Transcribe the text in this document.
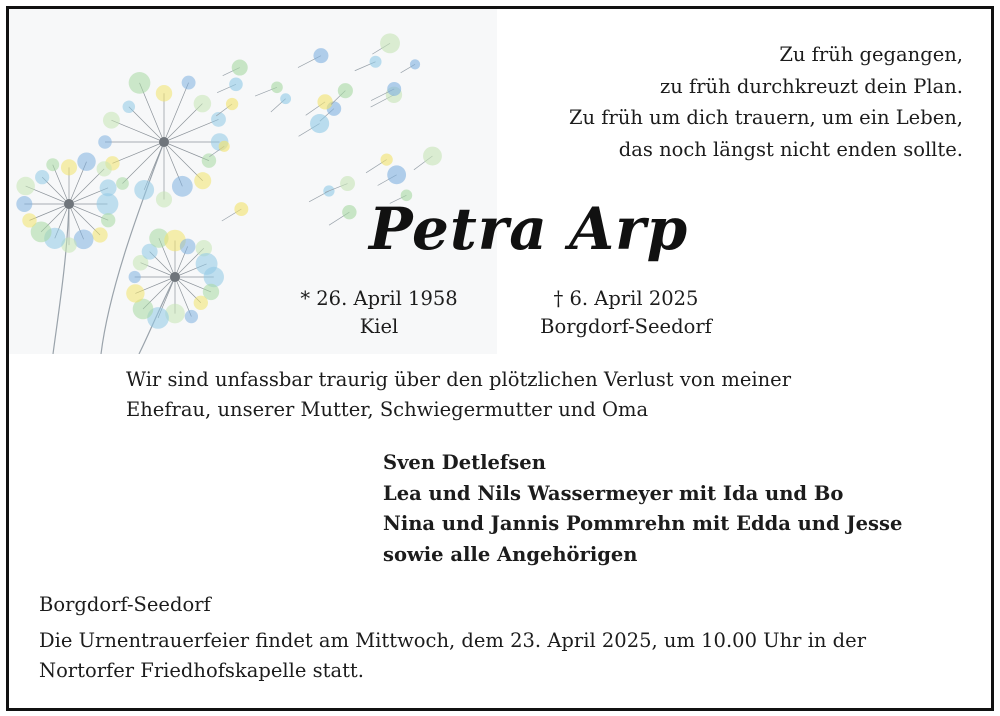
Zu früh gegangen,
zu früh durchkreuzt dein Plan.
Zu früh um dich trauern, um ein Leben,
das noch längst nicht enden sollte.
Petra Arp
* 26. April 1958
Kiel
† 6. April 2025
Borgdorf-Seedorf
Wir sind unfassbar traurig über den plötzlichen Verlust von meiner
Ehefrau, unserer Mutter, Schwiegermutter und Oma
Sven Detlefsen
Lea und Nils Wassermeyer mit Ida und Bo
Nina und Jannis Pommrehn mit Edda und Jesse
sowie alle Angehörigen
Borgdorf-Seedorf
Die Urnentrauerfeier findet am Mittwoch, dem 23. April 2025, um 10.00 Uhr in der
Nortorfer Friedhofskapelle statt.
